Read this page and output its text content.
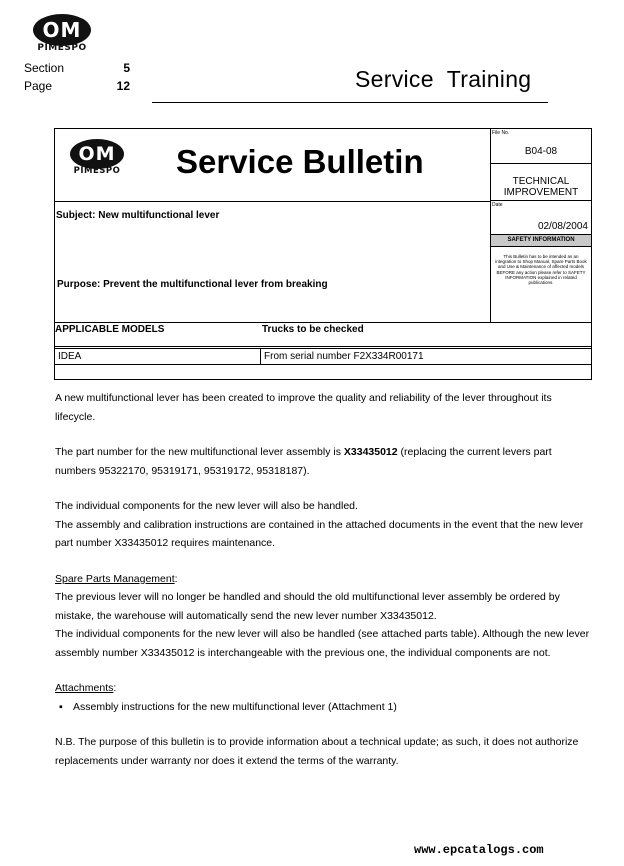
OM
PIMESPO
Section	5
Page	12	Service  Training
OM
PIMESPO Service Bulletin
File No.
B04-08
TECHNICAL
IMPROVEMENT
Date
02/08/2004
SAFETY INFORMATION
This Bulletin has to be intended as an integration to Shop Manual, Spare Parts Book and Use & Maintenance of affected models BEFORE any action please refer to SAFETY INFORMATION explained in related publications.
Subject: New multifunctional lever
Purpose: Prevent the multifunctional lever from breaking
APPLICABLE MODELS	Trucks to be checked
IDEA	From serial number F2X334R00171

A new multifunctional lever has been created to improve the quality and reliability of the lever throughout its lifecycle.

The part number for the new multifunctional lever assembly is X33435012 (replacing the current levers part numbers 95322170, 95319171, 95319172, 95318187).

The individual components for the new lever will also be handled.

The assembly and calibration instructions are contained in the attached documents in the event that the new lever part number X33435012 requires maintenance.

Spare Parts Management:

The previous lever will no longer be handled and should the old multifunctional lever assembly be ordered by mistake, the warehouse will automatically send the new lever number X33435012.

The individual components for the new lever will also be handled (see attached parts table). Although the new lever assembly number X33435012 is interchangeable with the previous one, the individual components are not.

Attachments:

▪ Assembly instructions for the new multifunctional lever (Attachment 1)

N.B. The purpose of this bulletin is to provide information about a technical update; as such, it does not authorize replacements under warranty nor does it extend the terms of the warranty.

www.epcatalogs.com
